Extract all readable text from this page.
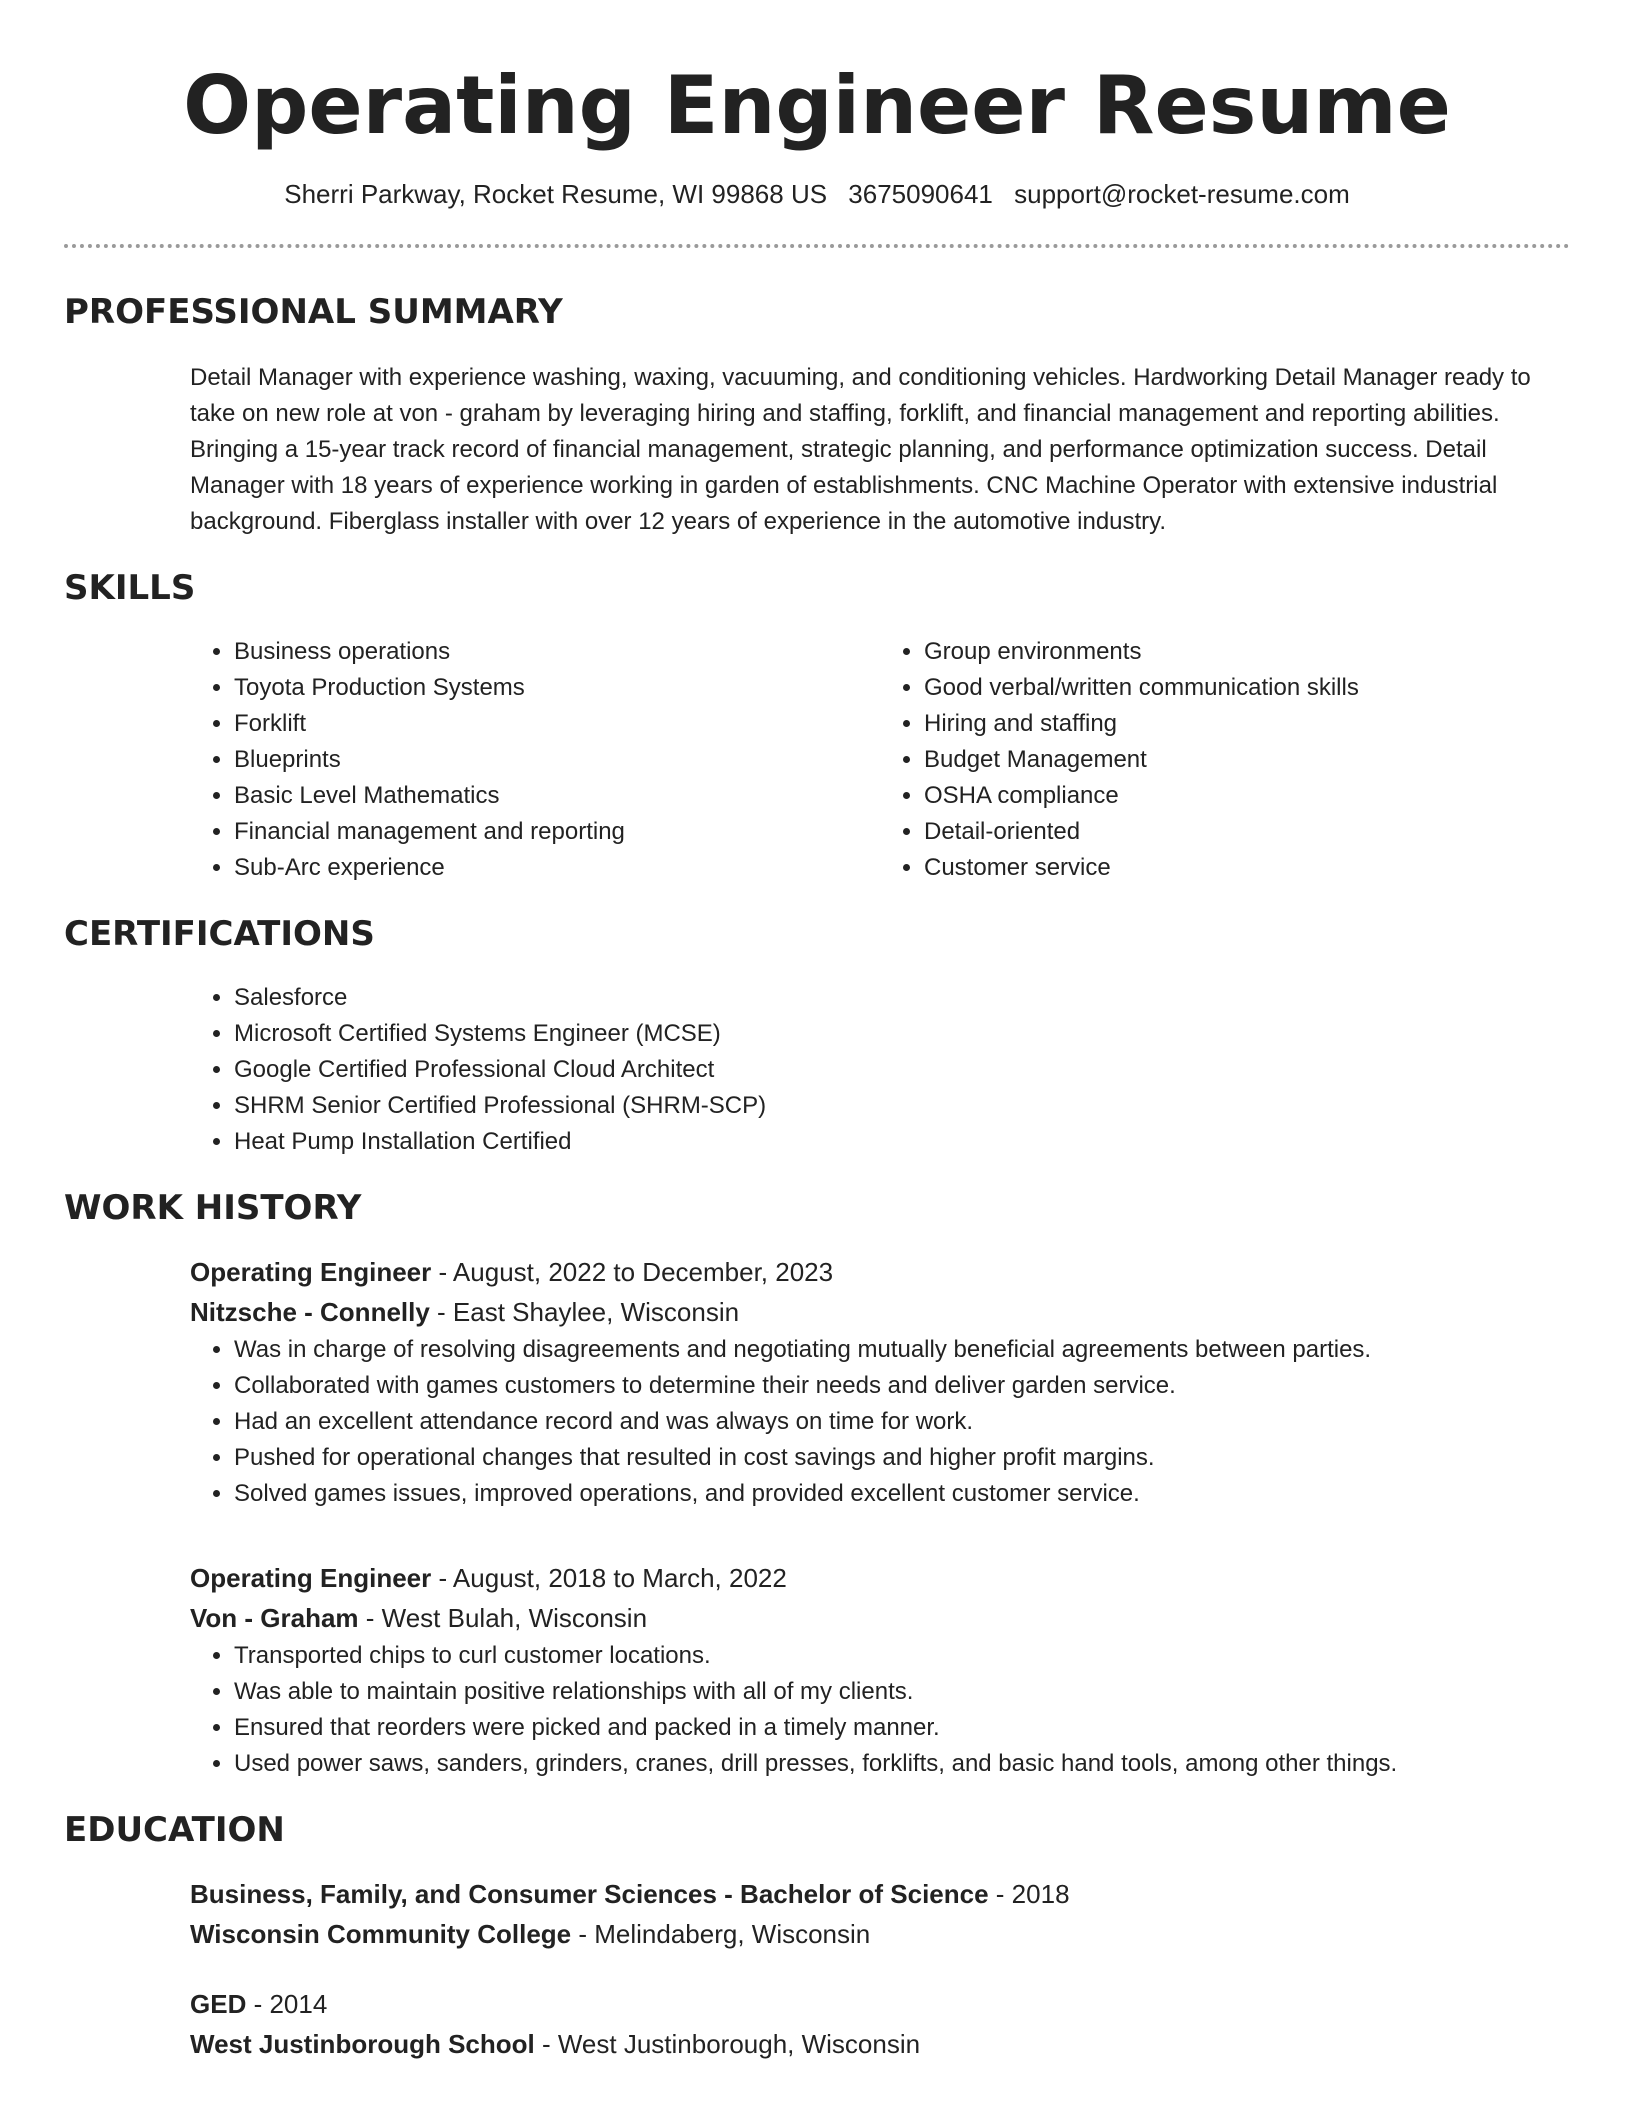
Operating Engineer Resume
Sherri Parkway, Rocket Resume, WI 99868 US 3675090641 support@rocket-resume.com
PROFESSIONAL SUMMARY
Detail Manager with experience washing, waxing, vacuuming, and conditioning vehicles. Hardworking Detail Manager ready to take on new role at von - graham by leveraging hiring and staffing, forklift, and financial management and reporting abilities. Bringing a 15-year track record of financial management, strategic planning, and performance optimization success. Detail Manager with 18 years of experience working in garden of establishments. CNC Machine Operator with extensive industrial background. Fiberglass installer with over 12 years of experience in the automotive industry.
SKILLS
• Business operations
• Toyota Production Systems
• Forklift
• Blueprints
• Basic Level Mathematics
• Financial management and reporting
• Sub-Arc experience
• Group environments
• Good verbal/written communication skills
• Hiring and staffing
• Budget Management
• OSHA compliance
• Detail-oriented
• Customer service
CERTIFICATIONS
• Salesforce
• Microsoft Certified Systems Engineer (MCSE)
• Google Certified Professional Cloud Architect
• SHRM Senior Certified Professional (SHRM-SCP)
• Heat Pump Installation Certified
WORK HISTORY
Operating Engineer - August, 2022 to December, 2023
Nitzsche - Connelly - East Shaylee, Wisconsin
• Was in charge of resolving disagreements and negotiating mutually beneficial agreements between parties.
• Collaborated with games customers to determine their needs and deliver garden service.
• Had an excellent attendance record and was always on time for work.
• Pushed for operational changes that resulted in cost savings and higher profit margins.
• Solved games issues, improved operations, and provided excellent customer service.
Operating Engineer - August, 2018 to March, 2022
Von - Graham - West Bulah, Wisconsin
• Transported chips to curl customer locations.
• Was able to maintain positive relationships with all of my clients.
• Ensured that reorders were picked and packed in a timely manner.
• Used power saws, sanders, grinders, cranes, drill presses, forklifts, and basic hand tools, among other things.
EDUCATION
Business, Family, and Consumer Sciences - Bachelor of Science - 2018
Wisconsin Community College - Melindaberg, Wisconsin
GED - 2014
West Justinborough School - West Justinborough, Wisconsin
